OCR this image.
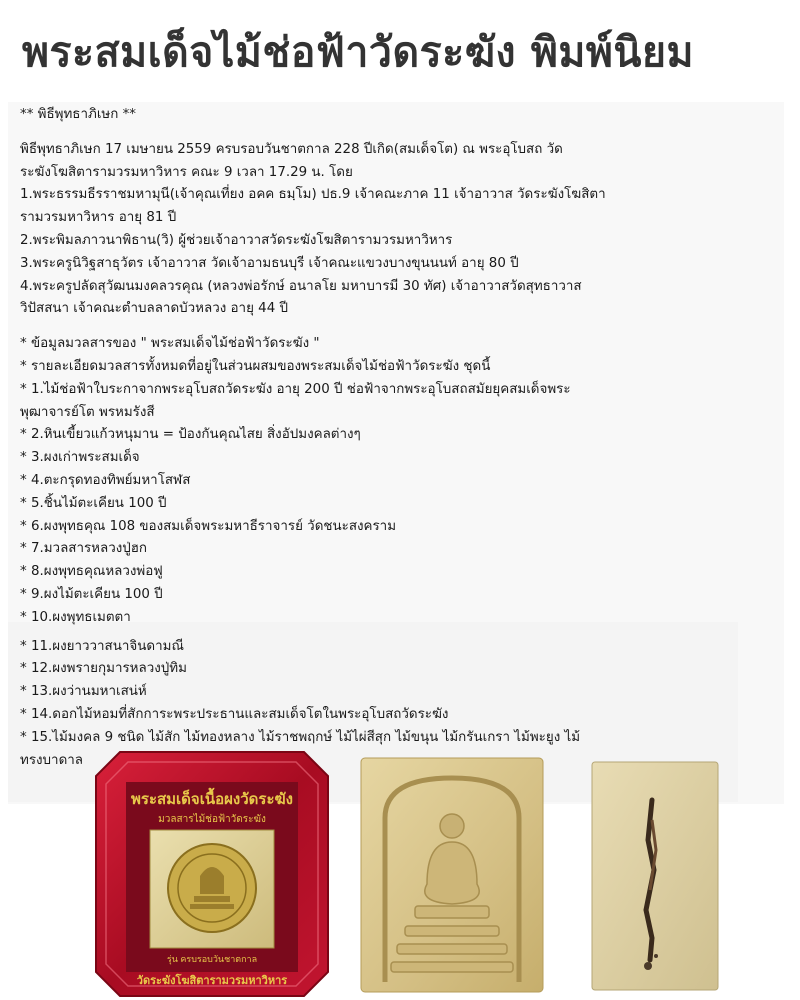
พระสมเด็จไม้ช่อฟ้าวัดระฆัง พิมพ์นิยม

** พิธีพุทธาภิเษก **

พิธีพุทธาภิเษก 17 เมษายน 2559 ครบรอบวันชาตกาล 228 ปีเกิด(สมเด็จโต) ณ พระอุโบสถ วัด

ระฆังโฆสิตารามวรมหาวิหาร คณะ 9 เวลา 17.29 น. โดย

1.พระธรรมธีรราชมหามุนี(เจ้าคุณเที่ยง อคค ธมฺโม) ปธ.9 เจ้าคณะภาค 11 เจ้าอาวาส วัดระฆังโฆสิตา

รามวรมหาวิหาร อายุ 81 ปี

2.พระพิมลภาวนาพิธาน(วิ) ผู้ช่วยเจ้าอาวาสวัดระฆังโฆสิตารามวรมหาวิหาร

3.พระครูนิวิฐสาธุวัตร เจ้าอาวาส วัดเจ้าอามธนบุรี เจ้าคณะแขวงบางขุนนนท์ อายุ 80 ปี

4.พระครูปลัดสุวัฒนมงคลวรคุณ (หลวงพ่อรักษ์ อนาลโย มหาบารมี 30 ทัศ) เจ้าอาวาสวัดสุทธาวาส

วิปัสสนา เจ้าคณะตำบลลาดบัวหลวง อายุ 44 ปี

* ข้อมูลมวลสารของ " พระสมเด็จไม้ช่อฟ้าวัดระฆัง "

* รายละเอียดมวลสารทั้งหมดที่อยู่ในส่วนผสมของพระสมเด็จไม้ช่อฟ้าวัดระฆัง ชุดนี้

* 1.ไม้ช่อฟ้าใบระกาจากพระอุโบสถวัดระฆัง อายุ 200 ปี ช่อฟ้าจากพระอุโบสถสมัยยุคสมเด็จพระ

พุฒาจารย์โต พรหมรังสี

* 2.หินเขี้ยวแก้วหนุมาน = ป้องกันคุณไสย สิ่งอัปมงคลต่างๆ

* 3.ผงเก่าพระสมเด็จ

* 4.ตะกรุดทองทิพย์มหาโสฬส

* 5.ชิ้นไม้ตะเคียน 100 ปี

* 6.ผงพุทธคุณ 108 ของสมเด็จพระมหาธีราจารย์ วัดชนะสงคราม

* 7.มวลสารหลวงปู่ฮก

* 8.ผงพุทธคุณหลวงพ่อฟู

* 9.ผงไม้ตะเคียน 100 ปี

* 10.ผงพุทธเมตตา

* 11.ผงยาววาสนาจินดามณี

* 12.ผงพรายกุมารหลวงปู่ทิม

* 13.ผงว่านมหาเสน่ห์

* 14.ดอกไม้หอมที่สักการะพระประธานและสมเด็จโตในพระอุโบสถวัดระฆัง

* 15.ไม้มงคล 9 ชนิด ไม้สัก ไม้ทองหลาง ไม้ราชพฤกษ์ ไม้ไผ่สีสุก ไม้ขนุน ไม้กรันเกรา ไม้พะยูง ไม้

ทรงบาดาล

พระสมเด็จเนื้อผงวัดระฆัง
มวลสารไม้ช่อฟ้าวัดระฆัง
รุ่น ครบรอบวันชาตกาล
วัดระฆังโฆสิตารามวรมหาวิหาร
